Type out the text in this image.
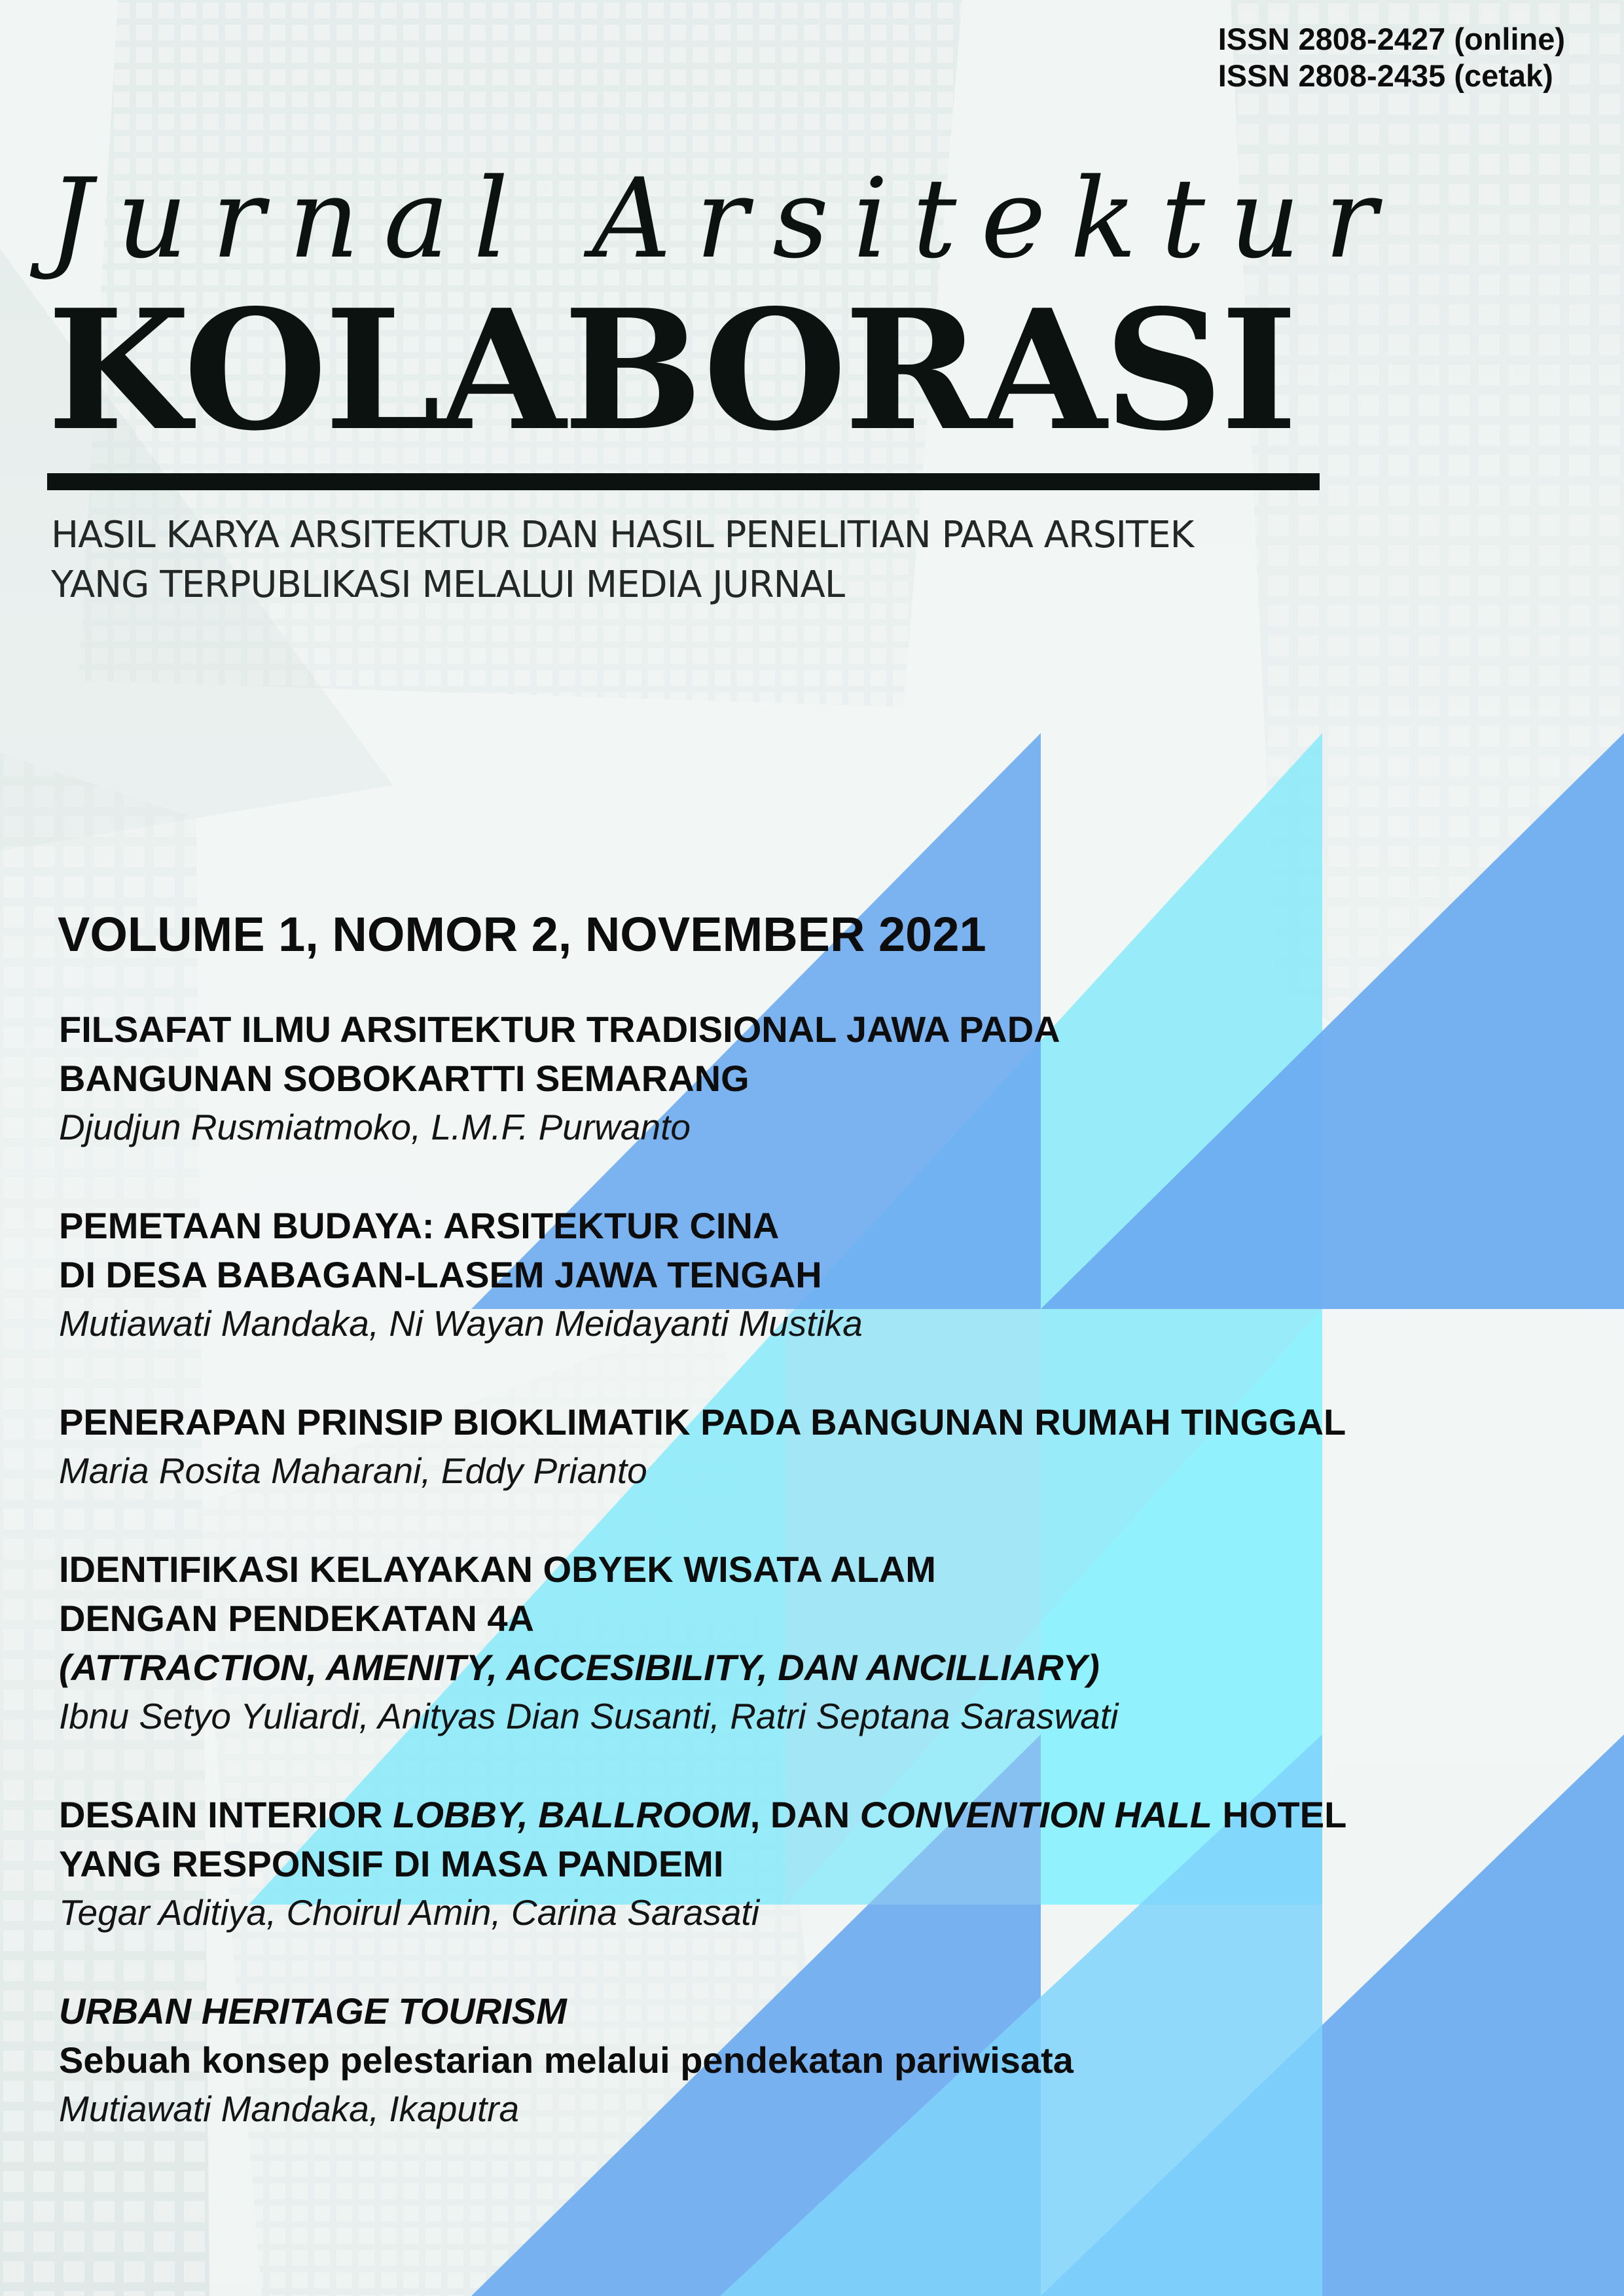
ISSN 2808-2427 (online)
ISSN 2808-2435 (cetak)
Jurnal Arsitektur
KOLABORASI
HASIL KARYA ARSITEKTUR DAN HASIL PENELITIAN PARA ARSITEK
YANG TERPUBLIKASI MELALUI MEDIA JURNAL
VOLUME 1, NOMOR 2, NOVEMBER 2021
FILSAFAT ILMU ARSITEKTUR TRADISIONAL JAWA PADA
BANGUNAN SOBOKARTTI SEMARANG
Djudjun Rusmiatmoko, L.M.F. Purwanto
PEMETAAN BUDAYA: ARSITEKTUR CINA
DI DESA BABAGAN-LASEM JAWA TENGAH
Mutiawati Mandaka, Ni Wayan Meidayanti Mustika
PENERAPAN PRINSIP BIOKLIMATIK PADA BANGUNAN RUMAH TINGGAL
Maria Rosita Maharani, Eddy Prianto
IDENTIFIKASI KELAYAKAN OBYEK WISATA ALAM
DENGAN PENDEKATAN 4A
(ATTRACTION, AMENITY, ACCESIBILITY, DAN ANCILLIARY)
Ibnu Setyo Yuliardi, Anityas Dian Susanti, Ratri Septana Saraswati
DESAIN INTERIOR LOBBY, BALLROOM, DAN CONVENTION HALL HOTEL
YANG RESPONSIF DI MASA PANDEMI
Tegar Aditiya, Choirul Amin, Carina Sarasati
URBAN HERITAGE TOURISM
Sebuah konsep pelestarian melalui pendekatan pariwisata
Mutiawati Mandaka, Ikaputra
